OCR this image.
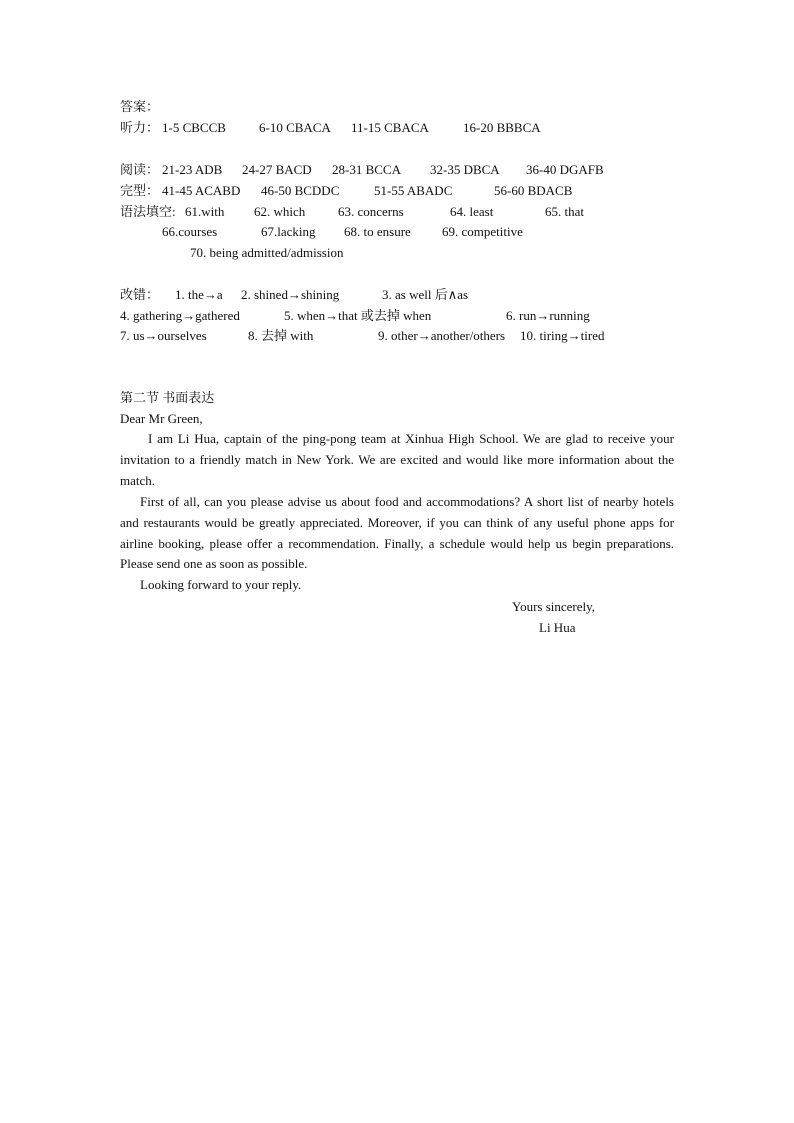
答案：
听力： 1-5 CBCCB	6-10 CBACA 11-15 CBACA	16-20 BBBCA
阅读： 21-23 ADB 24-27 BACD 28-31 BCCA 32-35 DBCA 36-40 DGAFB
完型： 41-45 ACABD 46-50 BCDDC	51-55 ABADC	56-60 BDACB
语法填空: 61.with 62. which	63. concerns	64. least	65. that
66.courses	67.lacking 68. to ensure 69. competitive
70. being admitted/admission
改错： 1. the→a 2. shined→shining	3. as well 后∧as
4. gathering→gathered	5. when→that 或去掉 when	6. run→running
7. us→ourselves	8. 去掉 with	9. other→another/others 10. tiring→tired
第二节 书面表达
Dear Mr Green,
I am Li Hua, captain of the ping-pong team at Xinhua High School. We are glad to receive your invitation to a friendly match in New York. We are excited and would like more information about the match.
First of all, can you please advise us about food and accommodations? A short list of nearby hotels and restaurants would be greatly appreciated. Moreover, if you can think of any useful phone apps for airline booking, please offer a recommendation. Finally, a schedule would help us begin preparations. Please send one as soon as possible.
Looking forward to your reply.
Yours sincerely,
Li Hua
